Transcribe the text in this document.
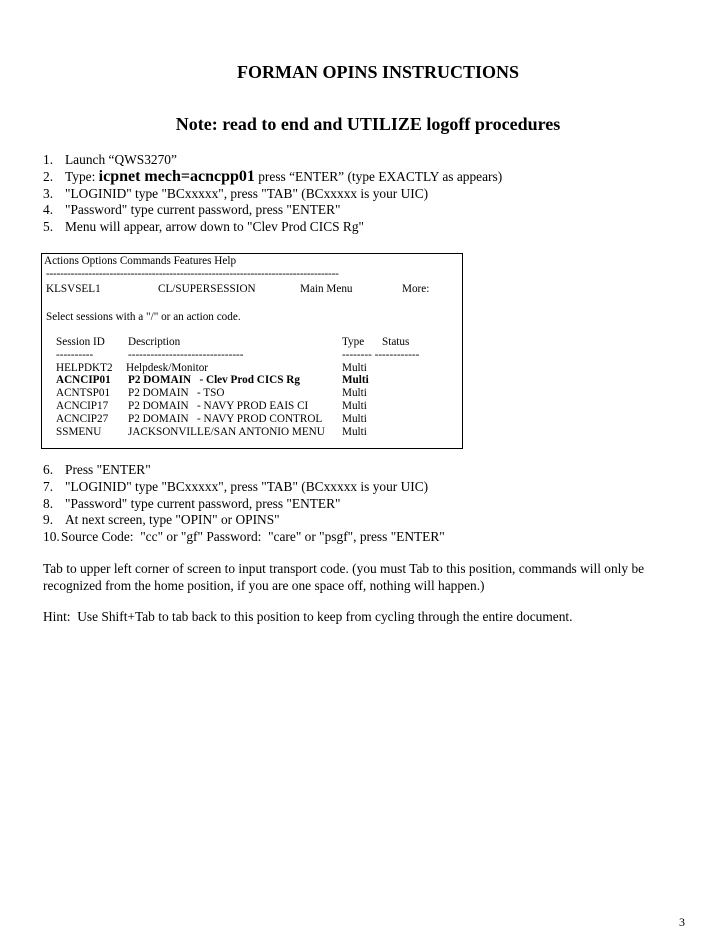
FORMAN OPINS INSTRUCTIONS
Note: read to end and UTILIZE logoff procedures
1. Launch “QWS3270”
2. Type: icpnet mech=acncpp01 press “ENTER” (type EXACTLY as appears)
3. "LOGINID" type "BCxxxxx", press "TAB" (BCxxxxx is your UIC)
4. "Password" type current password, press "ENTER"
5. Menu will appear, arrow down to "Clev Prod CICS Rg"
Actions Options Commands Features Help
-----------------------------------------------------------------------------------
KLSVSEL1	CL/SUPERSESSION	Main Menu	More:
Select sessions with a "/" or an action code.
Session ID Description	Type Status
----------	-------------------------------	-------- ------------
HELPDKT2 Helpdesk/Monitor	Multi
ACNCIP01 P2 DOMAIN   - Clev Prod CICS Rg	Multi
ACNTSP01 P2 DOMAIN   - TSO	Multi
ACNCIP17 P2 DOMAIN   - NAVY PROD EAIS CI	Multi
ACNCIP27 P2 DOMAIN   - NAVY PROD CONTROL Multi
SSMENU JACKSONVILLE/SAN ANTONIO MENU Multi
6. Press "ENTER"
7. "LOGINID" type "BCxxxxx", press "TAB" (BCxxxxx is your UIC)
8. "Password" type current password, press "ENTER"
9. At next screen, type "OPIN" or OPINS"
10.Source Code:  "cc" or "gf" Password:  "care" or "psgf", press "ENTER"

Tab to upper left corner of screen to input transport code. (you must Tab to this position, commands will only be recognized from the home position, if you are one space off, nothing will happen.)

Hint:  Use Shift+Tab to tab back to this position to keep from cycling through the entire document.

3
